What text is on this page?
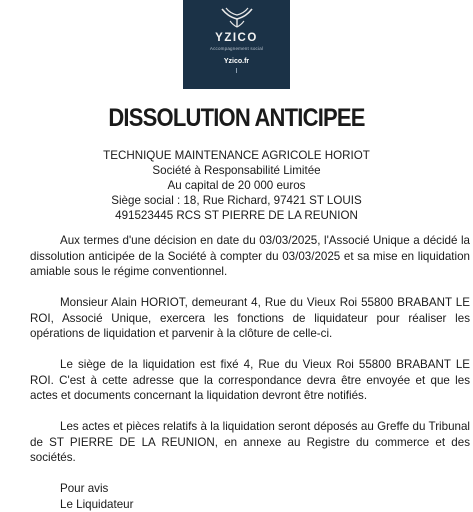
YZICO
Accompagnement social
Yzico.fr
DISSOLUTION ANTICIPEE
TECHNIQUE MAINTENANCE AGRICOLE HORIOT
Société à Responsabilité Limitée
Au capital de 20 000 euros
Siège social : 18, Rue Richard, 97421 ST LOUIS
491523445 RCS ST PIERRE DE LA REUNION

Aux termes d'une décision en date du 03/03/2025, l'Associé Unique a décidé la dissolution anticipée de la Société à compter du 03/03/2025 et sa mise en liquidation amiable sous le régime conventionnel.

Monsieur Alain HORIOT, demeurant 4, Rue du Vieux Roi 55800 BRABANT LE ROI, Associé Unique, exercera les fonctions de liquidateur pour réaliser les opérations de liquidation et parvenir à la clôture de celle-ci.

Le siège de la liquidation est fixé 4, Rue du Vieux Roi 55800 BRABANT LE ROI. C'est à cette adresse que la correspondance devra être envoyée et que les actes et documents concernant la liquidation devront être notifiés.

Les actes et pièces relatifs à la liquidation seront déposés au Greffe du Tribunal de ST PIERRE DE LA REUNION, en annexe au Registre du commerce et des sociétés.

Pour avis
Le Liquidateur
